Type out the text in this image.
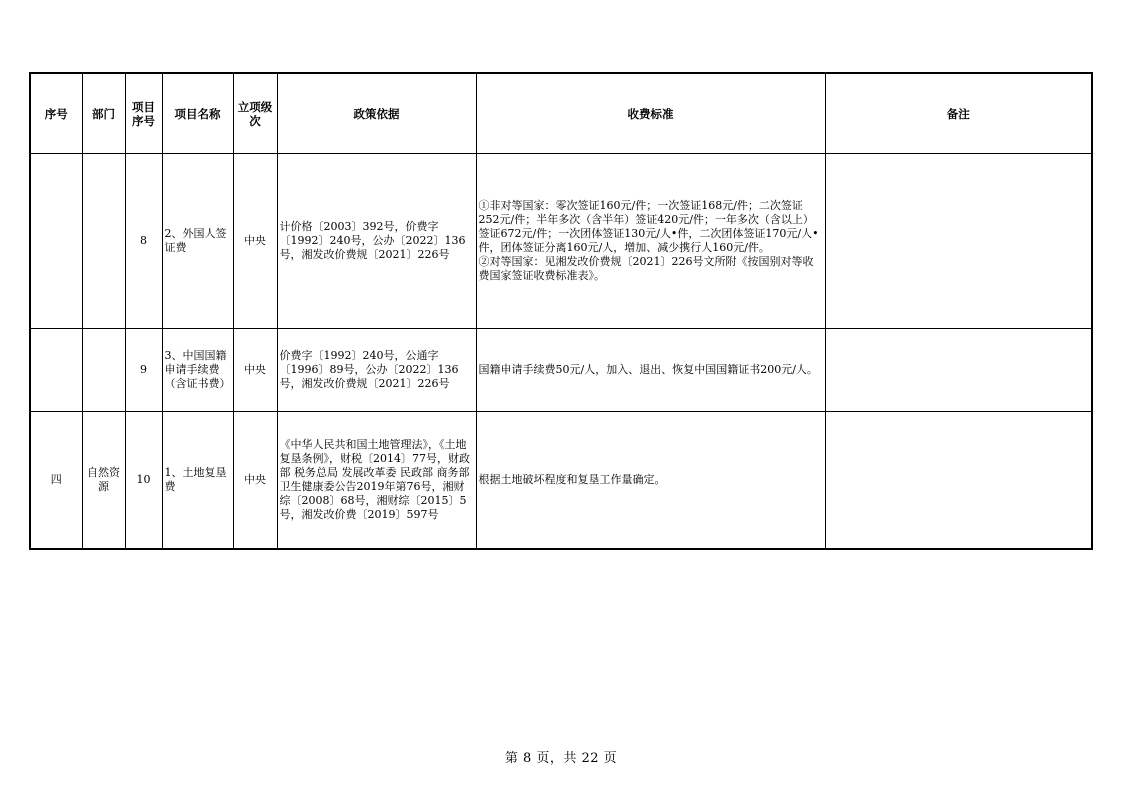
序号	部门	项目序号	项目名称	立项级次	政策依据	收费标准	备注
		8	2、外国人签证费	中央	计价格〔2003〕392号，价费字〔1992〕240号，公办〔2022〕136号，湘发改价费规〔2021〕226号	①非对等国家：零次签证160元/件；一次签证168元/件；二次签证252元/件；半年多次（含半年）签证420元/件；一年多次（含以上）签证672元/件；一次团体签证130元/人•件，二次团体签证170元/人•件，团体签证分离160元/人，增加、减少携行人160元/件。
②对等国家：见湘发改价费规〔2021〕226号文所附《按国别对等收费国家签证收费标准表》。	
		9	3、中国国籍申请手续费（含证书费）	中央	价费字〔1992〕240号，公通字〔1996〕89号，公办〔2022〕136号，湘发改价费规〔2021〕226号	国籍申请手续费50元/人，加入、退出、恢复中国国籍证书200元/人。	
四	自然资源	10	1、土地复垦费	中央	《中华人民共和国土地管理法》，《土地复垦条例》，财税〔2014〕77号，财政部 税务总局 发展改革委 民政部 商务部 卫生健康委公告2019年第76号，湘财综〔2008〕68号，湘财综〔2015〕5号，湘发改价费〔2019〕597号	根据土地破坏程度和复垦工作量确定。	
第 8 页，共 22 页
